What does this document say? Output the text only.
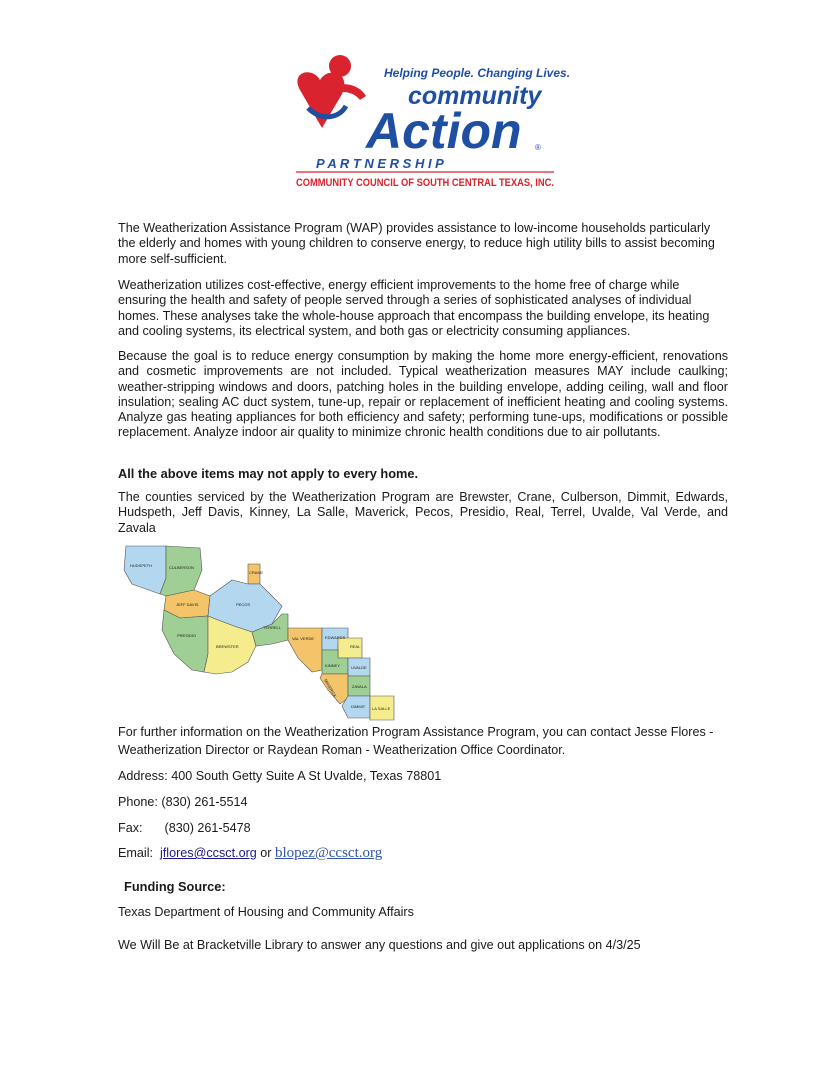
Helping People. Changing Lives.
community
Action ®
P A R T N E R S H I P
COMMUNITY COUNCIL OF SOUTH CENTRAL TEXAS, INC.

The Weatherization Assistance Program (WAP) provides assistance to low-income households particularly the elderly and homes with young children to conserve energy, to reduce high utility bills to assist becoming more self-sufficient.

Weatherization utilizes cost-effective, energy efficient improvements to the home free of charge while ensuring the health and safety of people served through a series of sophisticated analyses of individual homes. These analyses take the whole-house approach that encompass the building envelope, its heating and cooling systems, its electrical system, and both gas or electricity consuming appliances.

Because the goal is to reduce energy consumption by making the home more energy-efficient, renovations and cosmetic improvements are not included. Typical weatherization measures MAY include caulking; weather-stripping windows and doors, patching holes in the building envelope, adding ceiling, wall and floor insulation; sealing AC duct system, tune-up, repair or replacement of inefficient heating and cooling systems. Analyze gas heating appliances for both efficiency and safety; performing tune-ups, modifications or possible replacement. Analyze indoor air quality to minimize chronic health conditions due to air pollutants.

All the above items may not apply to every home.

The counties serviced by the Weatherization Program are Brewster, Crane, Culberson, Dimmit, Edwards, Hudspeth, Jeff Davis, Kinney, La Salle, Maverick, Pecos, Presidio, Real, Terrel, Uvalde, Val Verde, and Zavala

HUDSPETH	CULBERSON
CRANE
JEFF DAVIS	PECOS
PRESIDIO
BREWSTER
TERRELL
VAL VERDE	EDWARDS
REAL
KINNEY	UVALDE
MAVERICK	ZAVALA
DIMMIT LA SALLE
For further information on the Weatherization Program Assistance Program, you can contact Jesse Flores - Weatherization Director or Raydean Roman - Weatherization Office Coordinator.
Address: 400 South Getty Suite A St Uvalde, Texas 78801
Phone: (830) 261-5514
Fax: (830) 261-5478
Email: jflores@ccsct.org or blopez@ccsct.org
Funding Source:
Texas Department of Housing and Community Affairs
We Will Be at Bracketville Library to answer any questions and give out applications on 4/3/25
